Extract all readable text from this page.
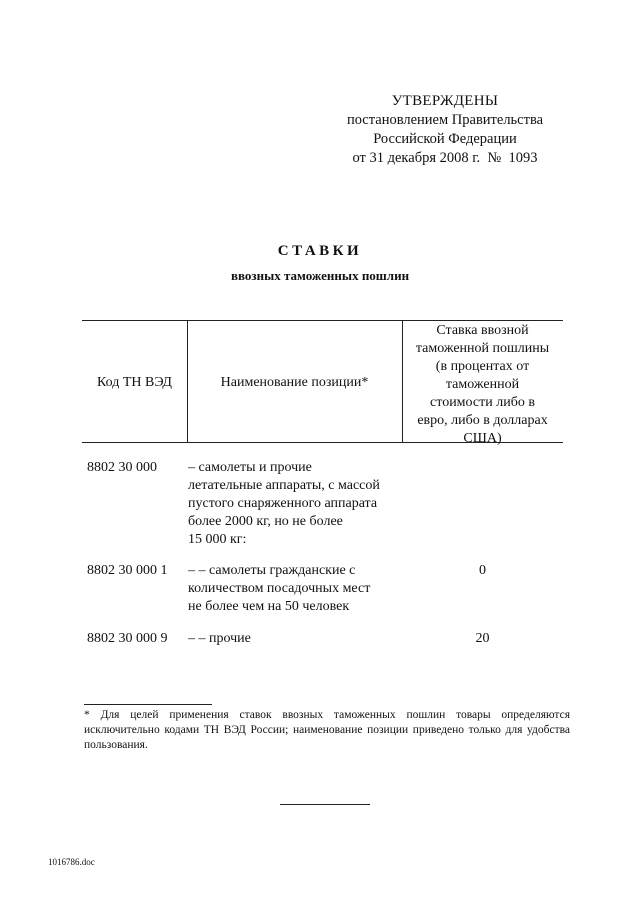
УТВЕРЖДЕНЫ
постановлением Правительства
Российской Федерации
от 31 декабря 2008 г.  №  1093
СТАВКИ
ввозных таможенных пошлин
Код ТН ВЭД	Наименование позиции*
Ставка ввозной
таможенной пошлины
(в процентах от
таможенной
стоимости либо в
евро, либо в долларах
США)
8802 30 000 – самолеты и прочие
летательные аппараты, с массой
пустого снаряженного аппарата
более 2000 кг, но не более
15 000 кг:
8802 30 000 1 – – самолеты гражданские с
количеством посадочных мест
не более чем на 50 человек
0
8802 30 000 9 – – прочие	20
* Для целей применения ставок ввозных таможенных пошлин товары определяются исключительно кодами ТН ВЭД России; наименование позиции приведено только для удобства пользования.
1016786.doc
